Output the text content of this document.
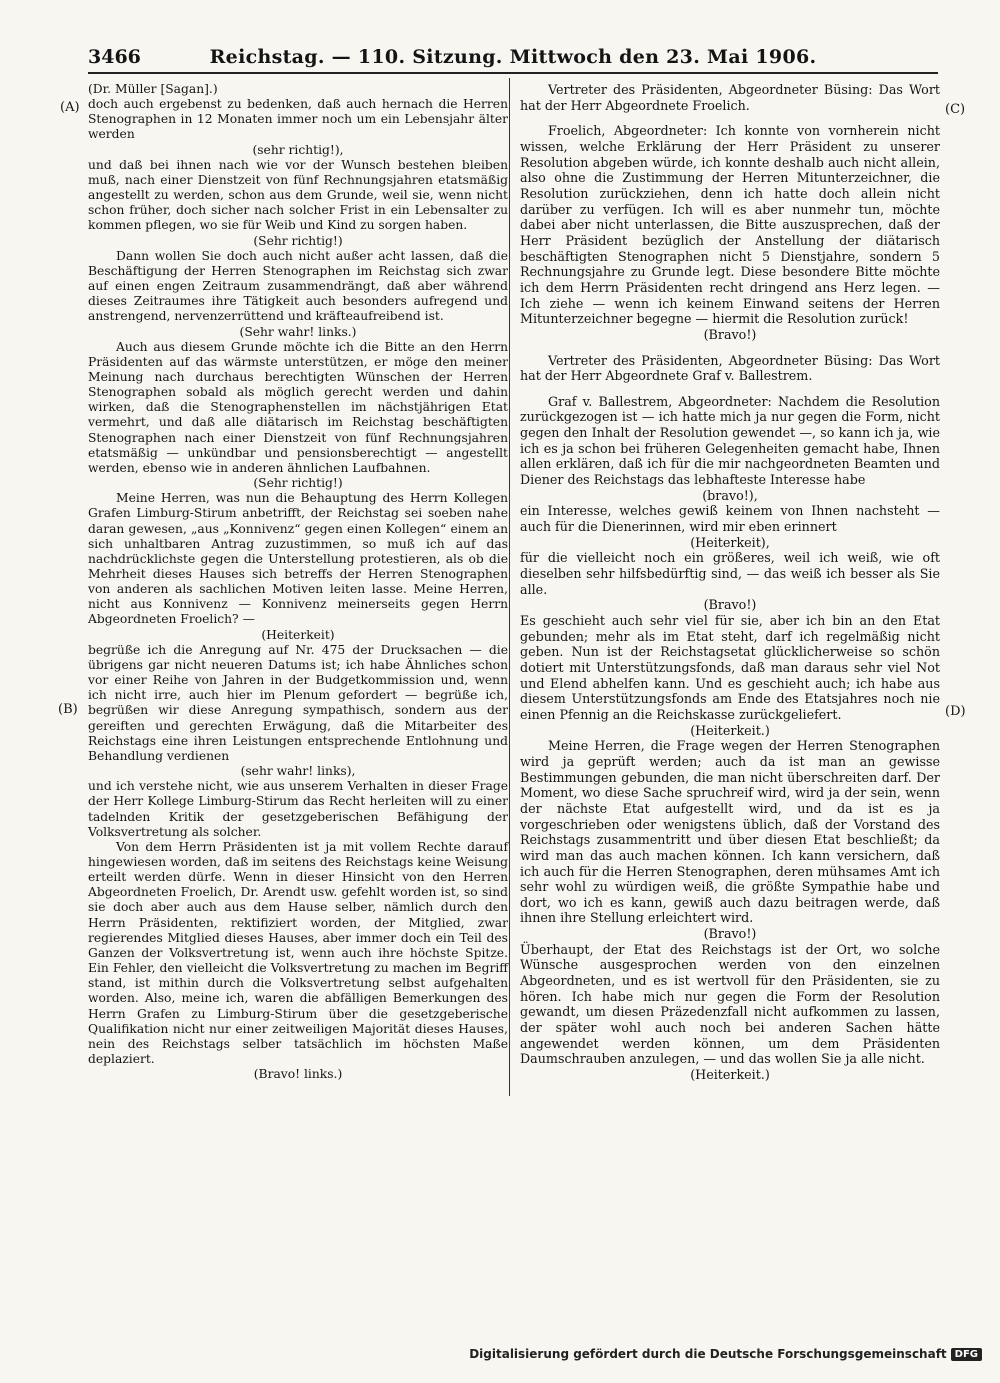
3466	Reichstag. — 110. Sitzung. Mittwoch den 23. Mai 1906.
(A)
(B)
(C)
(D)

(Dr. Müller [Sagan].)

doch auch ergebenst zu bedenken, daß auch hernach die Herren Stenographen in 12 Monaten immer noch um ein Lebensjahr älter werden

(sehr richtig!),

und daß bei ihnen nach wie vor der Wunsch bestehen bleiben muß, nach einer Dienstzeit von fünf Rechnungsjahren etatsmäßig angestellt zu werden, schon aus dem Grunde, weil sie, wenn nicht schon früher, doch sicher nach solcher Frist in ein Lebensalter zu kommen pflegen, wo sie für Weib und Kind zu sorgen haben.

(Sehr richtig!)

Dann wollen Sie doch auch nicht außer acht lassen, daß die Beschäftigung der Herren Stenographen im Reichstag sich zwar auf einen engen Zeitraum zusammendrängt, daß aber während dieses Zeitraumes ihre Tätigkeit auch besonders aufregend und anstrengend, nervenzerrüttend und kräfteaufreibend ist.

(Sehr wahr! links.)

Auch aus diesem Grunde möchte ich die Bitte an den Herrn Präsidenten auf das wärmste unterstützen, er möge den meiner Meinung nach durchaus berechtigten Wünschen der Herren Stenographen sobald als möglich gerecht werden und dahin wirken, daß die Stenographenstellen im nächstjährigen Etat vermehrt, und daß alle diätarisch im Reichstag beschäftigten Stenographen nach einer Dienstzeit von fünf Rechnungsjahren etatsmäßig — unkündbar und pensionsberechtigt — angestellt werden, ebenso wie in anderen ähnlichen Laufbahnen.

(Sehr richtig!)

Meine Herren, was nun die Behauptung des Herrn Kollegen Grafen Limburg-Stirum anbetrifft, der Reichstag sei soeben nahe daran gewesen, „aus „Konnivenz“ gegen einen Kollegen“ einem an sich unhaltbaren Antrag zuzustimmen, so muß ich auf das nachdrücklichste gegen die Unterstellung protestieren, als ob die Mehrheit dieses Hauses sich betreffs der Herren Stenographen von anderen als sachlichen Motiven leiten lasse. Meine Herren, nicht aus Konnivenz — Konnivenz meinerseits gegen Herrn Abgeordneten Froelich? —

(Heiterkeit)

begrüße ich die Anregung auf Nr. 475 der Drucksachen — die übrigens gar nicht neueren Datums ist; ich habe Ähnliches schon vor einer Reihe von Jahren in der Budgetkommission und, wenn ich nicht irre, auch hier im Plenum gefordert — begrüße ich, begrüßen wir diese Anregung sympathisch, sondern aus der gereiften und gerechten Erwägung, daß die Mitarbeiter des Reichstags eine ihren Leistungen entsprechende Entlohnung und Behandlung verdienen

(sehr wahr! links),

und ich verstehe nicht, wie aus unserem Verhalten in dieser Frage der Herr Kollege Limburg-Stirum das Recht herleiten will zu einer tadelnden Kritik der gesetzgeberischen Befähigung der Volksvertretung als solcher.

Von dem Herrn Präsidenten ist ja mit vollem Rechte darauf hingewiesen worden, daß im seitens des Reichstags keine Weisung erteilt werden dürfe. Wenn in dieser Hinsicht von den Herren Abgeordneten Froelich, Dr. Arendt usw. gefehlt worden ist, so sind sie doch aber auch aus dem Hause selber, nämlich durch den Herrn Präsidenten, rektifiziert worden, der Mitglied, zwar regierendes Mitglied dieses Hauses, aber immer doch ein Teil des Ganzen der Volksvertretung ist, wenn auch ihre höchste Spitze. Ein Fehler, den vielleicht die Volksvertretung zu machen im Begriff stand, ist mithin durch die Volksvertretung selbst aufgehalten worden. Also, meine ich, waren die abfälligen Bemerkungen des Herrn Grafen zu Limburg-Stirum über die gesetzgeberische Qualifikation nicht nur einer zeitweiligen Majorität dieses Hauses, nein des Reichstags selber tatsächlich im höchsten Maße deplaziert.

(Bravo! links.)

Vertreter des Präsidenten, Abgeordneter Büsing: Das Wort hat der Herr Abgeordnete Froelich.

Froelich, Abgeordneter: Ich konnte von vornherein nicht wissen, welche Erklärung der Herr Präsident zu unserer Resolution abgeben würde, ich konnte deshalb auch nicht allein, also ohne die Zustimmung der Herren Mitunterzeichner, die Resolution zurückziehen, denn ich hatte doch allein nicht darüber zu verfügen. Ich will es aber nunmehr tun, möchte dabei aber nicht unterlassen, die Bitte auszusprechen, daß der Herr Präsident bezüglich der Anstellung der diätarisch beschäftigten Stenographen nicht 5 Dienstjahre, sondern 5 Rechnungsjahre zu Grunde legt. Diese besondere Bitte möchte ich dem Herrn Präsidenten recht dringend ans Herz legen. — Ich ziehe — wenn ich keinem Einwand seitens der Herren Mitunterzeichner begegne — hiermit die Resolution zurück!

(Bravo!)

Vertreter des Präsidenten, Abgeordneter Büsing: Das Wort hat der Herr Abgeordnete Graf v. Ballestrem.

Graf v. Ballestrem, Abgeordneter: Nachdem die Resolution zurückgezogen ist — ich hatte mich ja nur gegen die Form, nicht gegen den Inhalt der Resolution gewendet —, so kann ich ja, wie ich es ja schon bei früheren Gelegenheiten gemacht habe, Ihnen allen erklären, daß ich für die mir nachgeordneten Beamten und Diener des Reichstags das lebhafteste Interesse habe

(bravo!),

ein Interesse, welches gewiß keinem von Ihnen nachsteht — auch für die Dienerinnen, wird mir eben erinnert

(Heiterkeit),

für die vielleicht noch ein größeres, weil ich weiß, wie oft dieselben sehr hilfsbedürftig sind, — das weiß ich besser als Sie alle.

(Bravo!)

Es geschieht auch sehr viel für sie, aber ich bin an den Etat gebunden; mehr als im Etat steht, darf ich regelmäßig nicht geben. Nun ist der Reichstagsetat glücklicherweise so schön dotiert mit Unterstützungsfonds, daß man daraus sehr viel Not und Elend abhelfen kann. Und es geschieht auch; ich habe aus diesem Unterstützungsfonds am Ende des Etatsjahres noch nie einen Pfennig an die Reichskasse zurückgeliefert.

(Heiterkeit.)

Meine Herren, die Frage wegen der Herren Stenographen wird ja geprüft werden; auch da ist man an gewisse Bestimmungen gebunden, die man nicht überschreiten darf. Der Moment, wo diese Sache spruchreif wird, wird ja der sein, wenn der nächste Etat aufgestellt wird, und da ist es ja vorgeschrieben oder wenigstens üblich, daß der Vorstand des Reichstags zusammentritt und über diesen Etat beschließt; da wird man das auch machen können. Ich kann versichern, daß ich auch für die Herren Stenographen, deren mühsames Amt ich sehr wohl zu würdigen weiß, die größte Sympathie habe und dort, wo ich es kann, gewiß auch dazu beitragen werde, daß ihnen ihre Stellung erleichtert wird.

(Bravo!)

Überhaupt, der Etat des Reichstags ist der Ort, wo solche Wünsche ausgesprochen werden von den einzelnen Abgeordneten, und es ist wertvoll für den Präsidenten, sie zu hören. Ich habe mich nur gegen die Form der Resolution gewandt, um diesen Präzedenzfall nicht aufkommen zu lassen, der später wohl auch noch bei anderen Sachen hätte angewendet werden können, um dem Präsidenten Daumschrauben anzulegen, — und das wollen Sie ja alle nicht.

(Heiterkeit.)

Digitalisierung gefördert durch die Deutsche Forschungsgemeinschaft DFG
